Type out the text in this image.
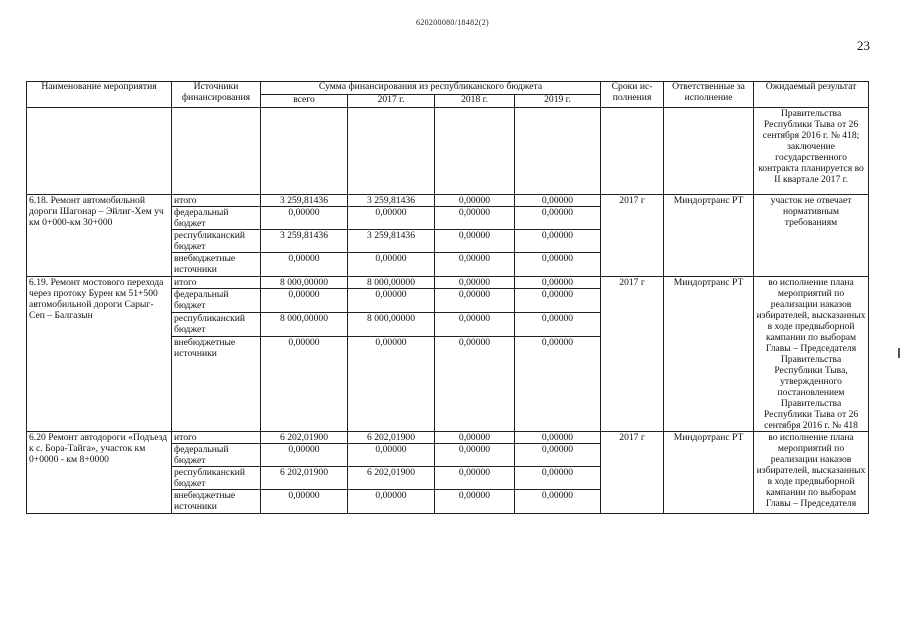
620200080/18482(2)
23
Наименование мероприятия	Источники финансирования	Сумма финансирования из республиканского бюджета				Сроки ис-полнения	Ответственные за исполнение	Ожидаемый результат
		всего	2017 г.	2018 г.	2019 г.			
								Правительства Республики Тыва от 26 сентября 2016 г. № 418; заключение государственного контракта планируется во II квартале 2017 г.
6.18. Ремонт автомобильной дороги Шагонар – Эйлиг-Хем уч км 0+000-км 30+000	итого	3 259,81436	3 259,81436	0,00000	0,00000	2017 г	Миндортранс РТ	участок не отвечает нормативным требованиям
	федеральный бюджет	0,00000	0,00000	0,00000	0,00000			
	республиканский бюджет	3 259,81436	3 259,81436	0,00000	0,00000			
	внебюджетные источники	0,00000	0,00000	0,00000	0,00000			
6.19. Ремонт мостового перехода через протоку Бурен км 51+500 автомобильной дороги Сарыг-Сеп – Балгазын	итого	8 000,00000	8 000,00000	0,00000	0,00000	2017 г	Миндортранс РТ	во исполнение плана мероприятий по реализации наказов избирателей, высказанных в ходе предвыборной кампании по выборам Главы – Председателя Правительства Республики Тыва, утвержденного постановлением Правительства Республики Тыва от 26 сентября 2016 г. № 418
	федеральный бюджет	0,00000	0,00000	0,00000	0,00000			
	республиканский бюджет	8 000,00000	8 000,00000	0,00000	0,00000			
	внебюджетные источники	0,00000	0,00000	0,00000	0,00000			
6.20 Ремонт автодороги «Подъезд к с. Бора-Тайга», участок км 0+0000 - км 8+0000	итого	6 202,01900	6 202,01900	0,00000	0,00000	2017 г	Миндортранс РТ	во исполнение плана мероприятий по реализации наказов избирателей, высказанных в ходе предвыборной кампании по выборам Главы – Председателя
	федеральный бюджет	0,00000	0,00000	0,00000	0,00000			
	республиканский бюджет	6 202,01900	6 202,01900	0,00000	0,00000			
	внебюджетные источники	0,00000	0,00000	0,00000	0,00000			
